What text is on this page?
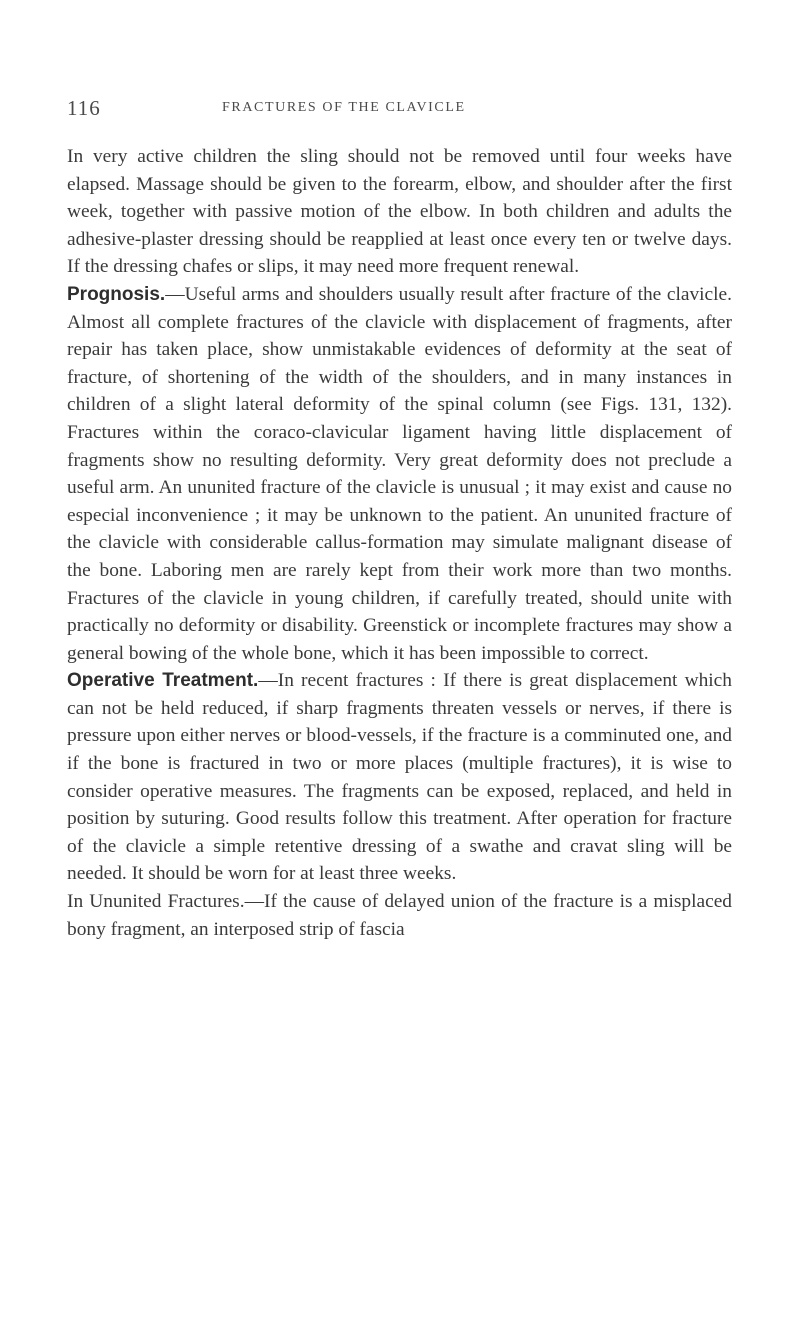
116	FRACTURES OF THE CLAVICLE

In very active children the sling should not be removed until four weeks have elapsed. Massage should be given to the forearm, elbow, and shoulder after the first week, together with passive motion of the elbow. In both children and adults the adhesive-plaster dressing should be reapplied at least once every ten or twelve days. If the dressing chafes or slips, it may need more frequent renewal.

Prognosis.—Useful arms and shoulders usually result after fracture of the clavicle. Almost all complete fractures of the clavicle with displacement of fragments, after repair has taken place, show unmistakable evidences of deformity at the seat of fracture, of shortening of the width of the shoulders, and in many instances in children of a slight lateral deformity of the spinal column (see Figs. 131, 132). Fractures within the coraco-clavicular ligament having little displacement of fragments show no resulting deformity. Very great deformity does not preclude a useful arm. An ununited fracture of the clavicle is unusual ; it may exist and cause no especial inconvenience ; it may be unknown to the patient. An ununited fracture of the clavicle with considerable callus-formation may simulate malignant disease of the bone. Laboring men are rarely kept from their work more than two months. Fractures of the clavicle in young children, if carefully treated, should unite with practically no deformity or disability. Greenstick or incomplete fractures may show a general bowing of the whole bone, which it has been impossible to correct.

Operative Treatment.—In recent fractures : If there is great displacement which can not be held reduced, if sharp fragments threaten vessels or nerves, if there is pressure upon either nerves or blood-vessels, if the fracture is a comminuted one, and if the bone is fractured in two or more places (multiple fractures), it is wise to consider operative measures. The fragments can be exposed, replaced, and held in position by suturing. Good results follow this treatment. After operation for fracture of the clavicle a simple retentive dressing of a swathe and cravat sling will be needed. It should be worn for at least three weeks.

In Ununited Fractures.—If the cause of delayed union of the fracture is a misplaced bony fragment, an interposed strip of fascia
